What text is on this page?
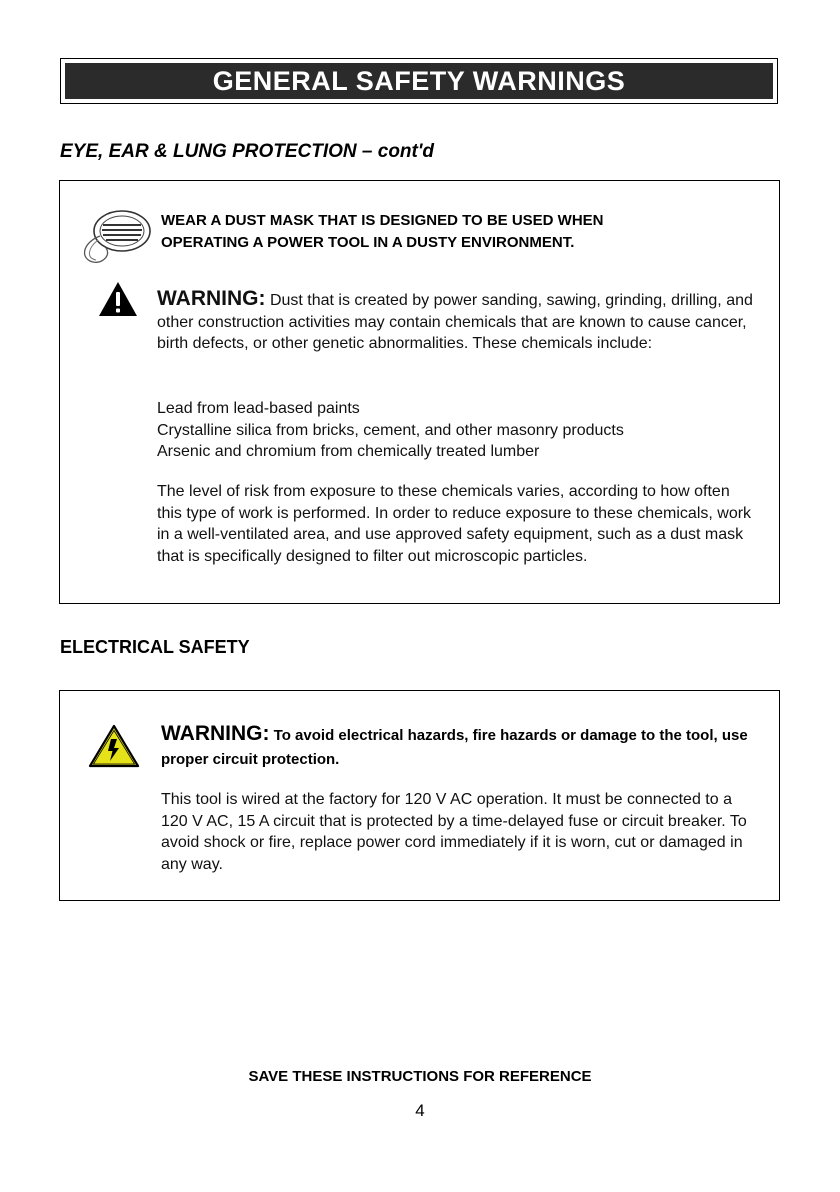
GENERAL SAFETY WARNINGS
EYE, EAR & LUNG PROTECTION – cont'd
WEAR A DUST MASK THAT IS DESIGNED TO BE USED WHEN
OPERATING A POWER TOOL IN A DUSTY ENVIRONMENT.
WARNING: Dust that is created by power sanding, sawing, grinding, drilling, and other construction activities may contain chemicals that are known to cause cancer, birth defects, or other genetic abnormalities. These chemicals include:
Lead from lead-based paints
Crystalline silica from bricks, cement, and other masonry products
Arsenic and chromium from chemically treated lumber
The level of risk from exposure to these chemicals varies, according to how often this type of work is performed. In order to reduce exposure to these chemicals, work in a well-ventilated area, and use approved safety equipment, such as a dust mask that is specifically designed to filter out microscopic particles.
ELECTRICAL SAFETY
WARNING: To avoid electrical hazards, fire hazards or damage to the tool, use proper circuit protection.
This tool is wired at the factory for 120 V AC operation. It must be connected to a 120 V AC, 15 A circuit that is protected by a time-delayed fuse or circuit breaker. To avoid shock or fire, replace power cord immediately if it is worn, cut or damaged in any way.
SAVE THESE INSTRUCTIONS FOR REFERENCE
4
